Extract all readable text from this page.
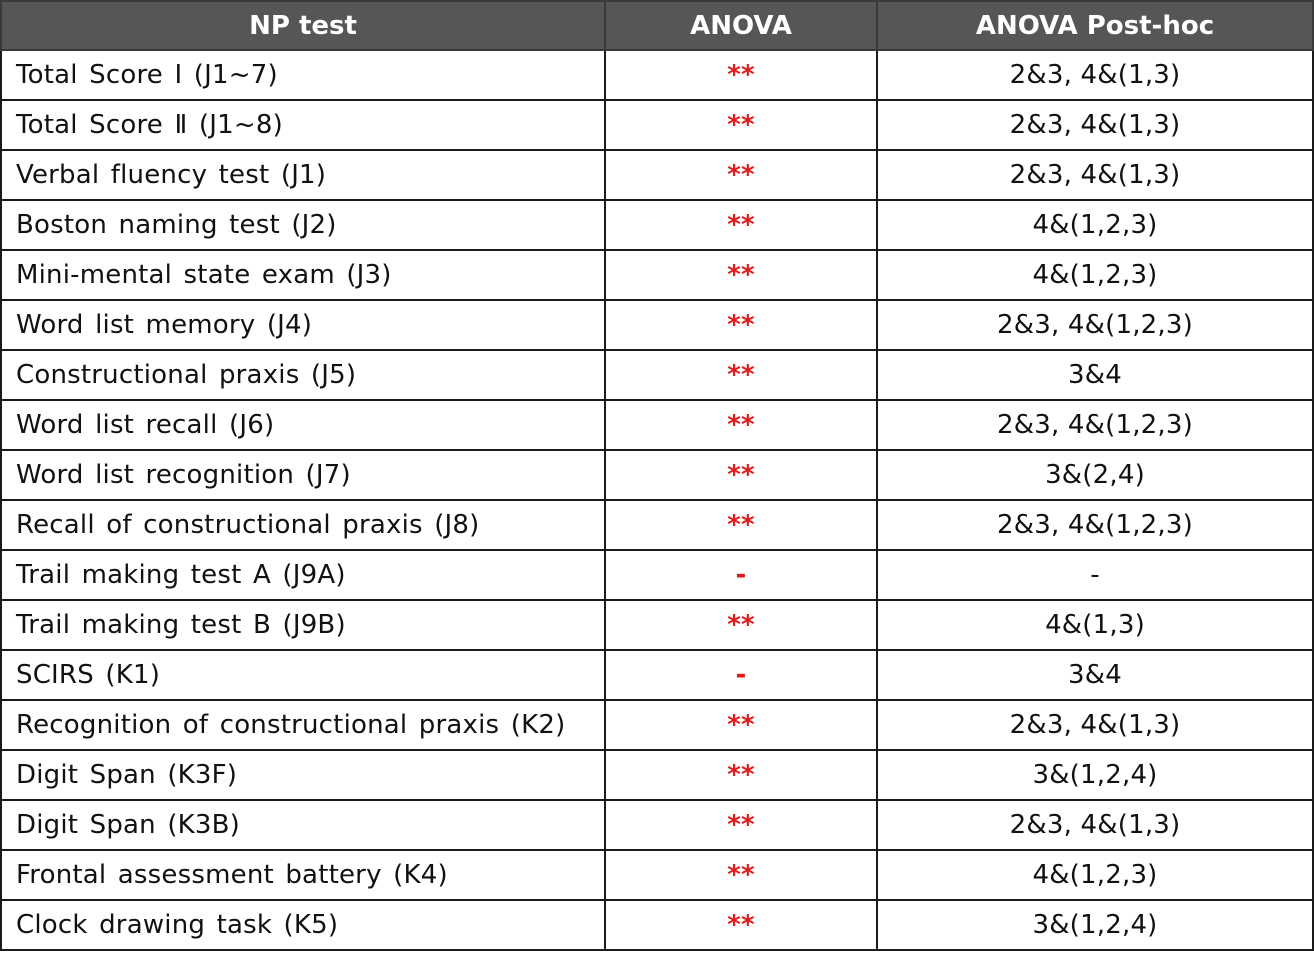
NP test	ANOVA	ANOVA Post-hoc
Total Score Ⅰ (J1~7)	**	2&3, 4&(1,3)
Total Score Ⅱ (J1~8)	**	2&3, 4&(1,3)
Verbal fluency test (J1)	**	2&3, 4&(1,3)
Boston naming test (J2)	**	4&(1,2,3)
Mini-mental state exam (J3)	**	4&(1,2,3)
Word list memory (J4)	**	2&3, 4&(1,2,3)
Constructional praxis (J5)	**	3&4
Word list recall (J6)	**	2&3, 4&(1,2,3)
Word list recognition (J7)	**	3&(2,4)
Recall of constructional praxis (J8)	**	2&3, 4&(1,2,3)
Trail making test A (J9A)	-	-
Trail making test B (J9B)	**	4&(1,3)
SCIRS (K1)	-	3&4
Recognition of constructional praxis (K2)	**	2&3, 4&(1,3)
Digit Span (K3F)	**	3&(1,2,4)
Digit Span (K3B)	**	2&3, 4&(1,3)
Frontal assessment battery (K4)	**	4&(1,2,3)
Clock drawing task (K5)	**	3&(1,2,4)
